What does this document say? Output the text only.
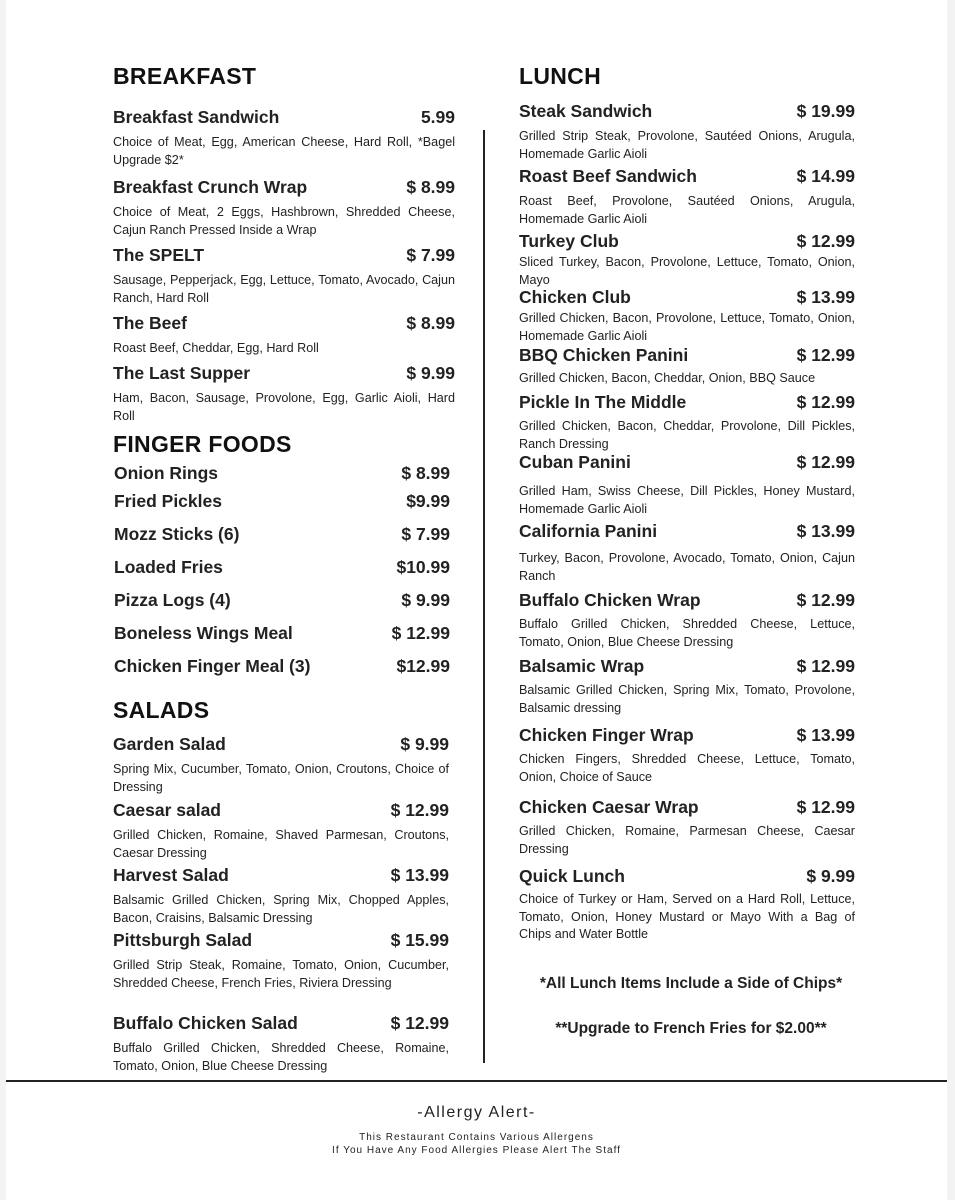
BREAKFAST
Breakfast Sandwich	5.99
Choice of Meat, Egg, American Cheese, Hard Roll, *Bagel Upgrade $2*
Breakfast Crunch Wrap	$ 8.99
Choice of Meat, 2 Eggs, Hashbrown, Shredded Cheese, Cajun Ranch Pressed Inside a Wrap
The SPELT	$ 7.99
Sausage, Pepperjack, Egg, Lettuce, Tomato, Avocado, Cajun Ranch, Hard Roll
The Beef	$ 8.99
Roast Beef, Cheddar, Egg, Hard Roll
The Last Supper	$ 9.99
Ham, Bacon, Sausage, Provolone, Egg, Garlic Aioli, Hard Roll
FINGER FOODS
Onion Rings	$ 8.99
Fried Pickles	$9.99
Mozz Sticks (6)	$ 7.99
Loaded Fries	$10.99
Pizza Logs (4)	$ 9.99
Boneless Wings Meal	$ 12.99
Chicken Finger Meal (3)	$12.99
SALADS
Garden Salad	$ 9.99
Spring Mix, Cucumber, Tomato, Onion, Croutons, Choice of Dressing
Caesar salad	$ 12.99
Grilled Chicken, Romaine, Shaved Parmesan, Croutons, Caesar Dressing
Harvest Salad	$ 13.99
Balsamic Grilled Chicken, Spring Mix, Chopped Apples, Bacon, Craisins, Balsamic Dressing
Pittsburgh Salad	$ 15.99
Grilled Strip Steak, Romaine, Tomato, Onion, Cucumber, Shredded Cheese, French Fries, Riviera Dressing
Buffalo Chicken Salad	$ 12.99
Buffalo Grilled Chicken, Shredded Cheese, Romaine, Tomato, Onion, Blue Cheese Dressing
LUNCH
Steak Sandwich	$ 19.99
Grilled Strip Steak, Provolone, Sautéed Onions, Arugula, Homemade Garlic Aioli
Roast Beef Sandwich	$ 14.99
Roast Beef, Provolone, Sautéed Onions, Arugula, Homemade Garlic Aioli
Turkey Club	$ 12.99
Sliced Turkey, Bacon, Provolone, Lettuce, Tomato, Onion, Mayo
Chicken Club	$ 13.99
Grilled Chicken, Bacon, Provolone, Lettuce, Tomato, Onion, Homemade Garlic Aioli
BBQ Chicken Panini	$ 12.99
Grilled Chicken, Bacon, Cheddar, Onion, BBQ Sauce
Pickle In The Middle	$ 12.99
Grilled Chicken, Bacon, Cheddar, Provolone, Dill Pickles, Ranch Dressing
Cuban Panini	$ 12.99
Grilled Ham, Swiss Cheese, Dill Pickles, Honey Mustard, Homemade Garlic Aioli
California Panini	$ 13.99
Turkey, Bacon, Provolone, Avocado, Tomato, Onion, Cajun Ranch
Buffalo Chicken Wrap	$ 12.99
Buffalo Grilled Chicken, Shredded Cheese, Lettuce, Tomato, Onion, Blue Cheese Dressing
Balsamic Wrap	$ 12.99
Balsamic Grilled Chicken, Spring Mix, Tomato, Provolone, Balsamic dressing
Chicken Finger Wrap	$ 13.99
Chicken Fingers, Shredded Cheese, Lettuce, Tomato, Onion, Choice of Sauce
Chicken Caesar Wrap	$ 12.99
Grilled Chicken, Romaine, Parmesan Cheese, Caesar Dressing
Quick Lunch	$ 9.99
Choice of Turkey or Ham, Served on a Hard Roll, Lettuce, Tomato, Onion, Honey Mustard or Mayo With a Bag of Chips and Water Bottle
*All Lunch Items Include a Side of Chips*
**Upgrade to French Fries for $2.00**
-Allergy Alert-
This Restaurant Contains Various Allergens
If You Have Any Food Allergies Please Alert The Staff
